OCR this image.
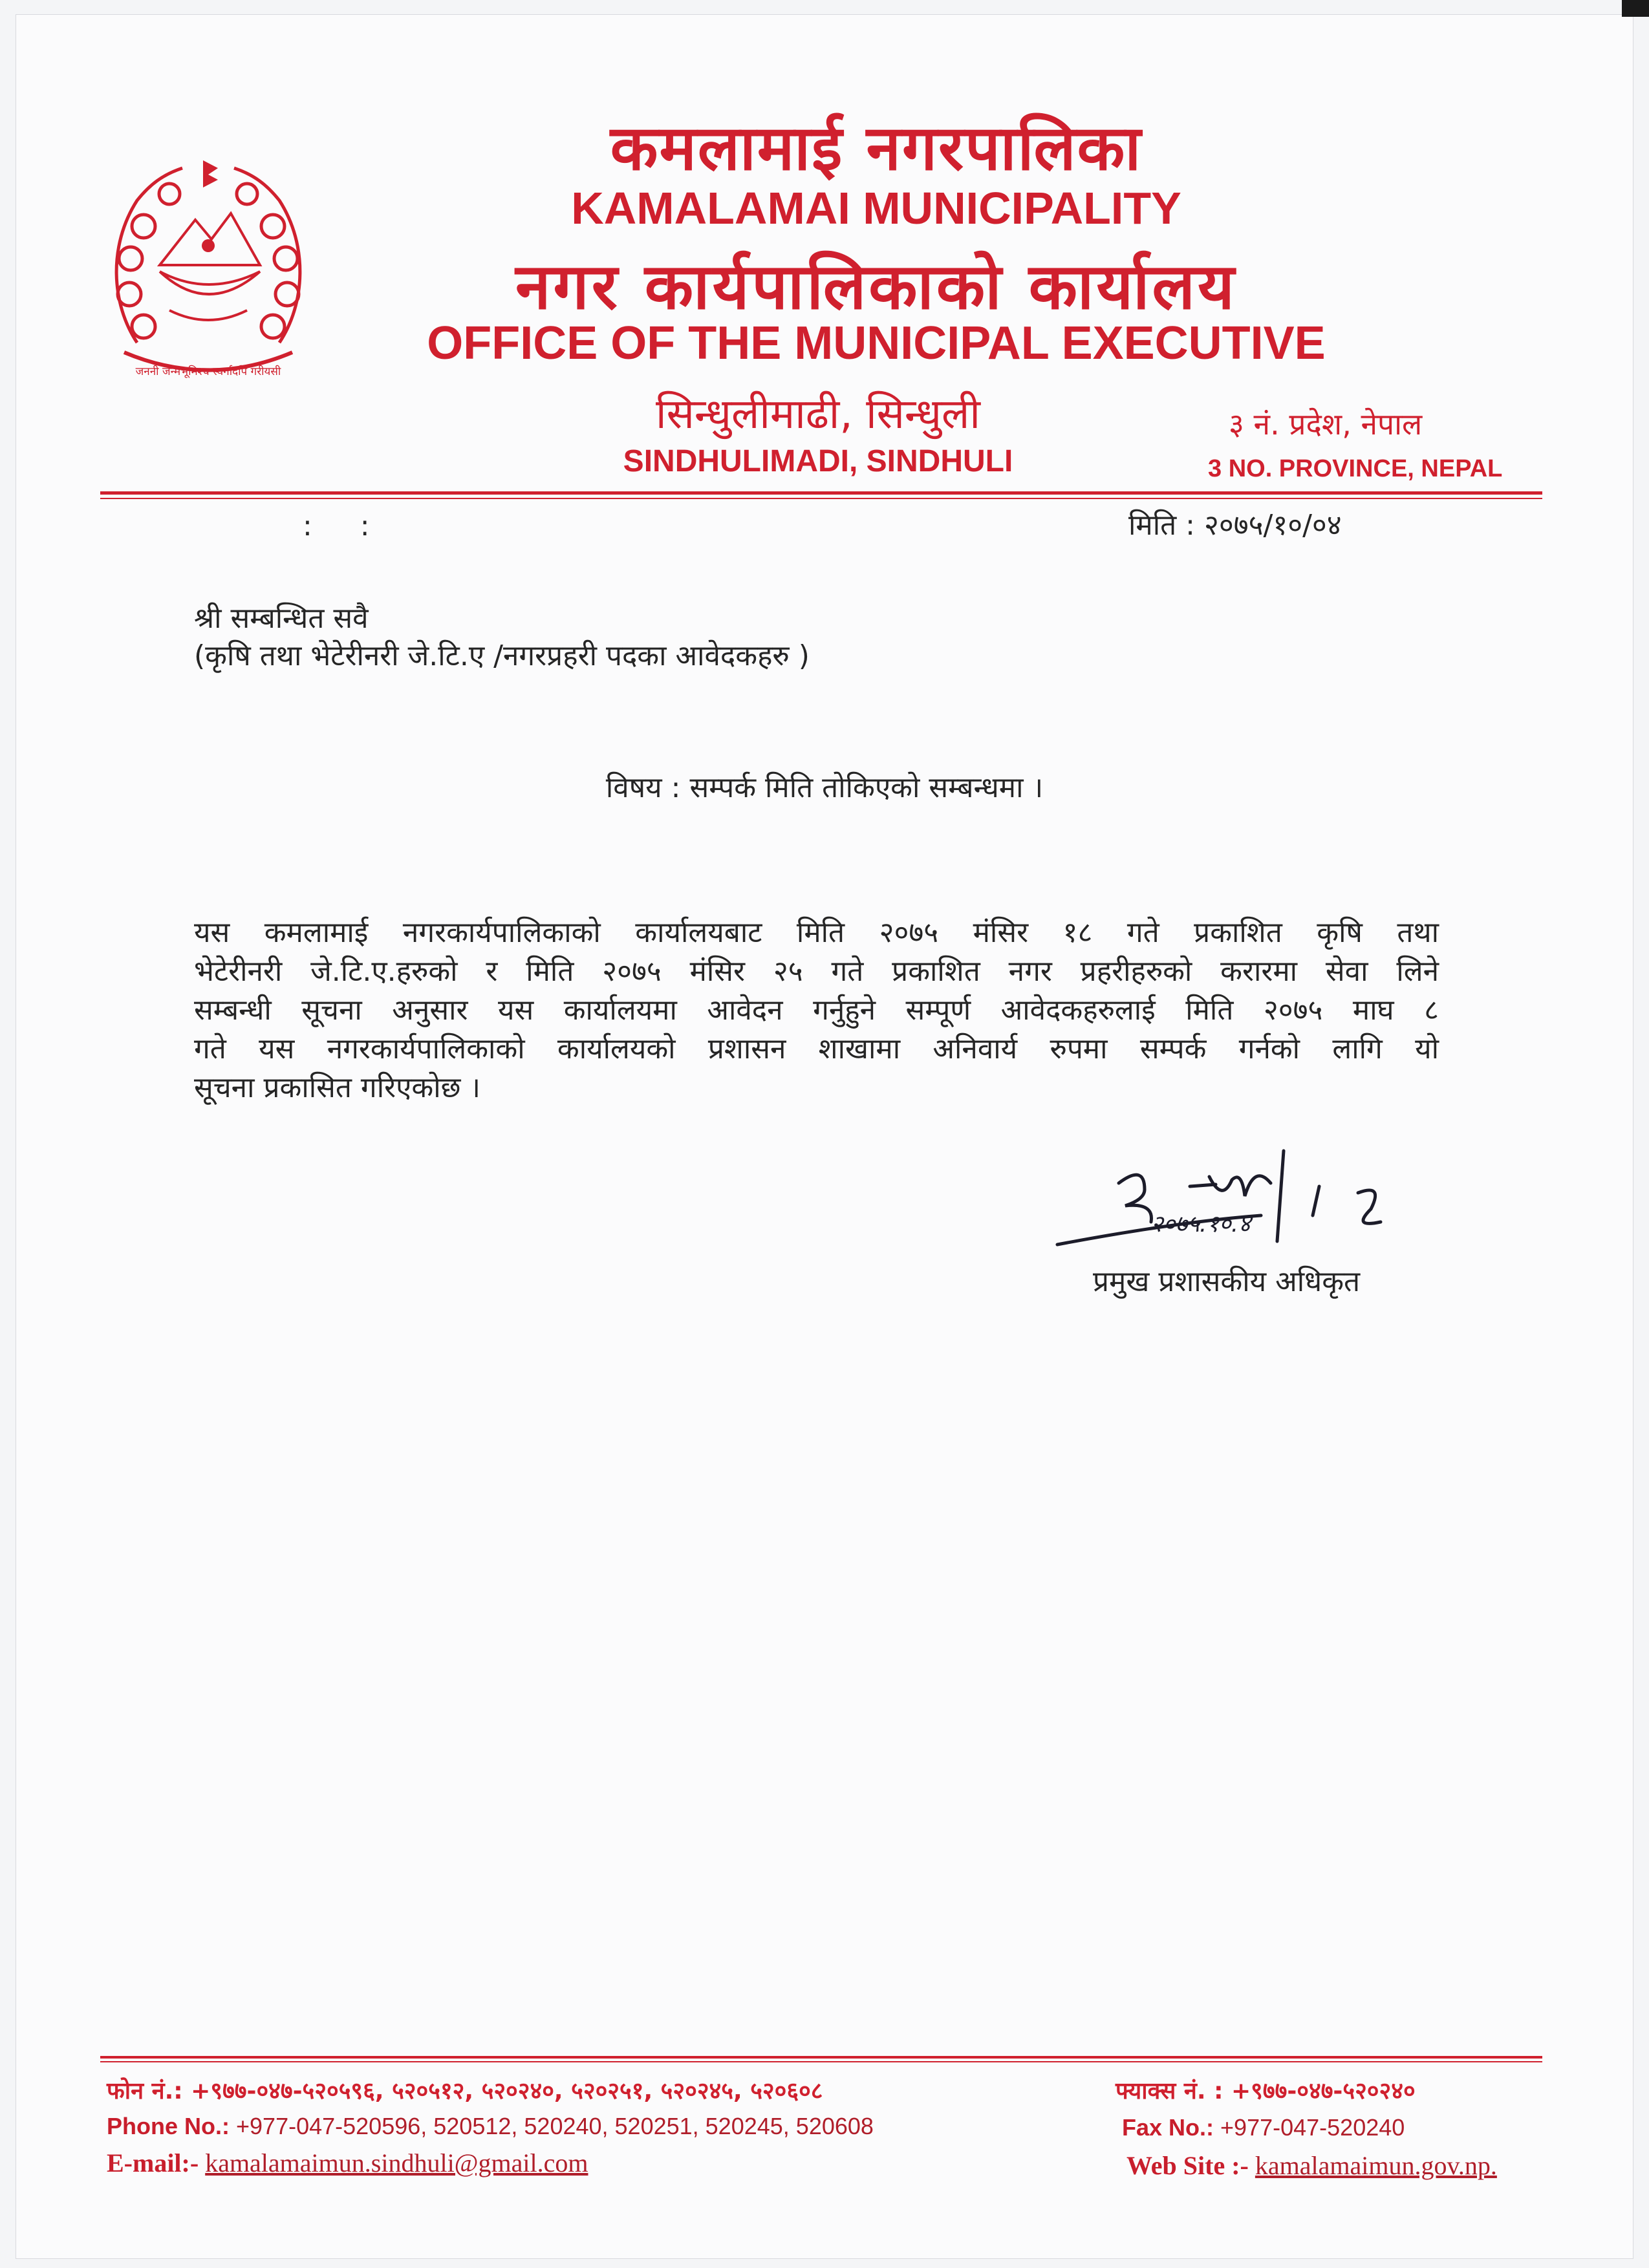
जननी जन्मभूमिश्च स्वर्गादपि गरीयसी
कमलामाई नगरपालिका
KAMALAMAI MUNICIPALITY
नगर कार्यपालिकाको कार्यालय
OFFICE OF THE MUNICIPAL EXECUTIVE
सिन्धुलीमाढी, सिन्धुली
SINDHULIMADI, SINDHULI
३ नं. प्रदेश, नेपाल
3 NO. PROVINCE, NEPAL
: :	मिति : २०७५/१०/०४
श्री सम्बन्धित सवै
(कृषि तथा भेटेरीनरी जे.टि.ए /नगरप्रहरी पदका आवेदकहरु )
विषय : सम्पर्क मिति तोकिएको सम्बन्धमा ।
यस कमलामाई नगरकार्यपालिकाको कार्यालयबाट मिति २०७५ मंसिर १८ गते प्रकाशित कृषि तथा
भेटेरीनरी जे.टि.ए.हरुको र मिति २०७५ मंसिर २५ गते प्रकाशित नगर प्रहरीहरुको करारमा सेवा लिने
सम्बन्धी सूचना अनुसार यस कार्यालयमा आवेदन गर्नुहुने सम्पूर्ण आवेदकहरुलाई मिति २०७५ माघ ८
गते यस नगरकार्यपालिकाको कार्यालयको प्रशासन शाखामा अनिवार्य रुपमा सम्पर्क गर्नको लागि यो
सूचना प्रकासित गरिएकोछ ।
२०७५.१०.४
प्रमुख प्रशासकीय अधिकृत
फोन नं.: +९७७-०४७-५२०५९६, ५२०५१२, ५२०२४०, ५२०२५१, ५२०२४५, ५२०६०८
Phone No.: +977-047-520596, 520512, 520240, 520251, 520245, 520608
E-mail:- kamalamaimun.sindhuli@gmail.com
फ्याक्स नं. : +९७७-०४७-५२०२४०
Fax No.: +977-047-520240
Web Site :- kamalamaimun.gov.np.
